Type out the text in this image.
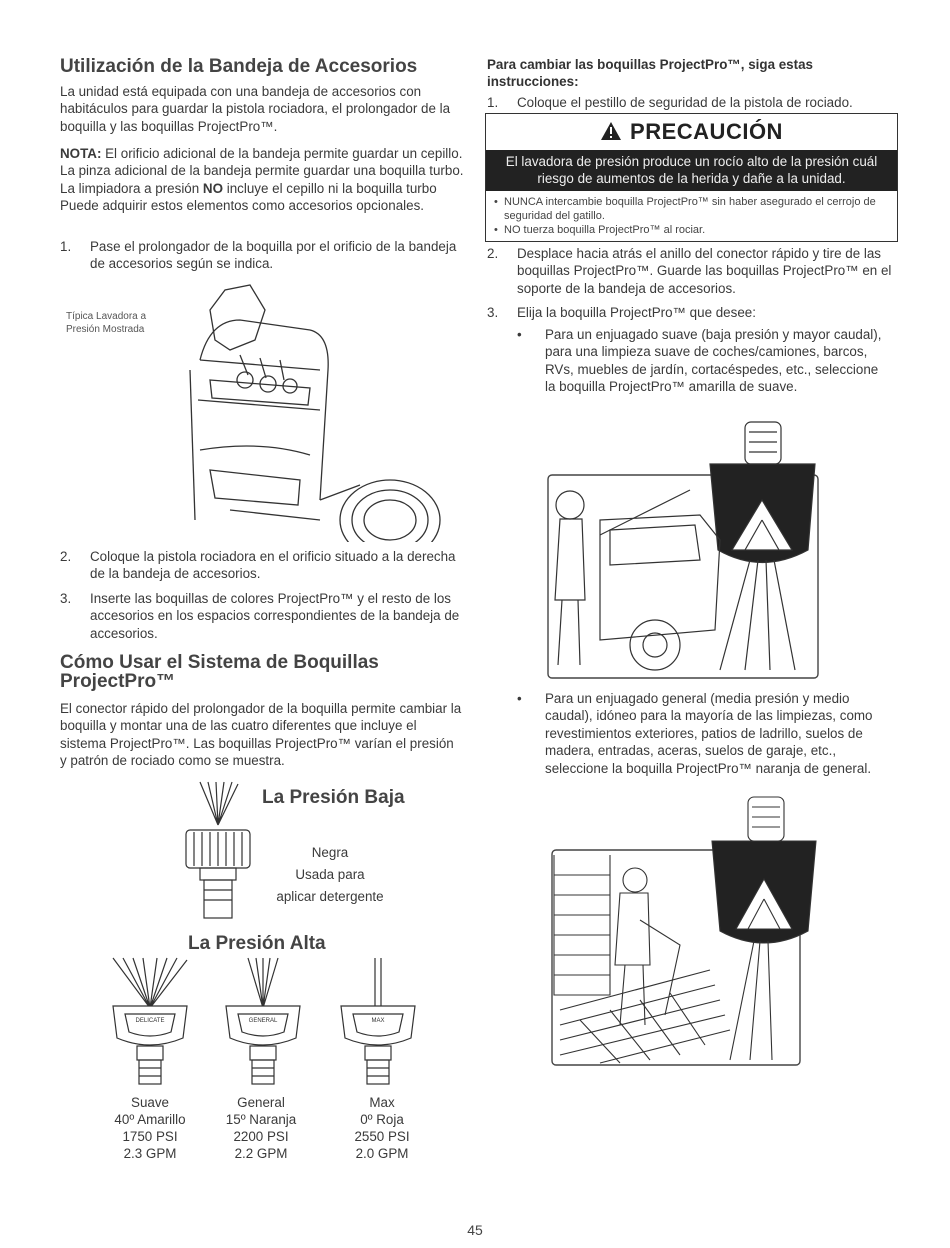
Utilización de la Bandeja de Accesorios

La unidad está equipada con una bandeja de accesorios con habitáculos para guardar la pistola rociadora, el prolongador de la boquilla y las boquillas ProjectPro™.

NOTA: El orificio adicional de la bandeja permite guardar un cepillo. La pinza adicional de la bandeja permite guardar una boquilla turbo. La limpiadora a presión NO incluye el cepillo ni la boquilla turbo Puede adquirir estos elementos como accesorios opcionales.

1. Pase el prolongador de la boquilla por el orificio de la bandeja de accesorios según se indica.
Típica Lavadora a
Presión Mostrada
2. Coloque la pistola rociadora en el orificio situado a la derecha de la bandeja de accesorios.
3. Inserte las boquillas de colores ProjectPro™ y el resto de los accesorios en los espacios correspondientes de la bandeja de accesorios.
Cómo Usar el Sistema de Boquillas
ProjectPro™

El conector rápido del prolongador de la boquilla permite cambiar la boquilla y montar una de las cuatro diferentes que incluye el sistema ProjectPro™. Las boquillas ProjectPro™ varían el presión y patrón de rociado como se muestra.

La Presión Baja
Negra
Usada para
aplicar detergente
La Presión Alta
DELICATE	GENERAL	MAX
Suave
40º Amarillo
1750 PSI
2.3 GPM
General
15º Naranja
2200 PSI
2.2 GPM
Max
0º Roja
2550 PSI
2.0 GPM

Para cambiar las boquillas ProjectPro™, siga estas instrucciones:

1. Coloque el pestillo de seguridad de la pistola de rociado.
PRECAUCIÓN
El lavadora de presión produce un rocío alto de la presión cuál riesgo de aumentos de la herida y dañe a la unidad.
• NUNCA intercambie boquilla ProjectPro™ sin haber asegurado el cerrojo de seguridad del gatillo.
• NO tuerza boquilla ProjectPro™ al rociar.
2. Desplace hacia atrás el anillo del conector rápido y tire de las boquillas ProjectPro™. Guarde las boquillas ProjectPro™ en el soporte de la bandeja de accesorios.
3. Elija la boquilla ProjectPro™ que desee:
• Para un enjuagado suave (baja presión y mayor caudal), para una limpieza suave de coches/camiones, barcos, RVs, muebles de jardín, cortacéspedes, etc., seleccione la boquilla ProjectPro™ amarilla de suave.
• Para un enjuagado general (media presión y medio caudal), idóneo para la mayoría de las limpiezas, como revestimientos exteriores, patios de ladrillo, suelos de madera, entradas, aceras, suelos de garaje, etc., seleccione la boquilla ProjectPro™ naranja de general.
45
